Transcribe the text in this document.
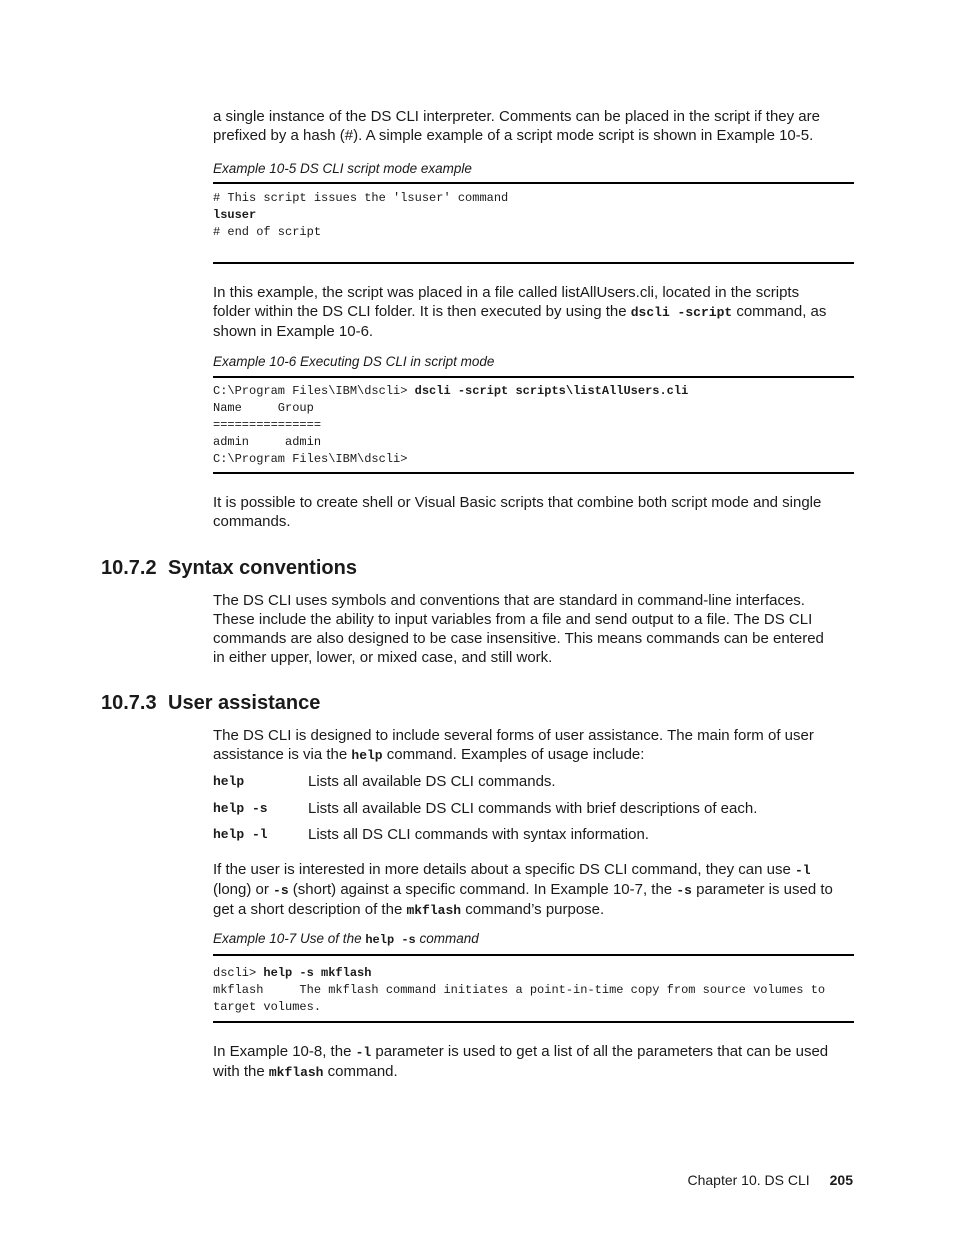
a single instance of the DS CLI interpreter. Comments can be placed in the script if they are

prefixed by a hash (#). A simple example of a script mode script is shown in Example 10-5.

Example 10-5 DS CLI script mode example

# This script issues the 'lsuser' command

lsuser

# end of script

In this example, the script was placed in a file called listAllUsers.cli, located in the scripts

folder within the DS CLI folder. It is then executed by using the dscli -script command, as

shown in Example 10-6.

Example 10-6 Executing DS CLI in script mode

C:\Program Files\IBM\dscli> dscli -script scripts\listAllUsers.cli

Name     Group

===============

admin     admin

C:\Program Files\IBM\dscli>

It is possible to create shell or Visual Basic scripts that combine both script mode and single

commands.

10.7.2 Syntax conventions

The DS CLI uses symbols and conventions that are standard in command-line interfaces.

These include the ability to input variables from a file and send output to a file. The DS CLI

commands are also designed to be case insensitive. This means commands can be entered

in either upper, lower, or mixed case, and still work.

10.7.3 User assistance

The DS CLI is designed to include several forms of user assistance. The main form of user

assistance is via the help command. Examples of usage include:

help	Lists all available DS CLI commands.
help -s	Lists all available DS CLI commands with brief descriptions of each.
help -l	Lists all DS CLI commands with syntax information.

If the user is interested in more details about a specific DS CLI command, they can use -l

(long) or -s (short) against a specific command. In Example 10-7, the -s parameter is used to

get a short description of the mkflash command’s purpose.

Example 10-7 Use of the help -s command

dscli> help -s mkflash

mkflash     The mkflash command initiates a point-in-time copy from source volumes to

target volumes.

In Example 10-8, the -l parameter is used to get a list of all the parameters that can be used

with the mkflash command.

Chapter 10. DS CLI 205
